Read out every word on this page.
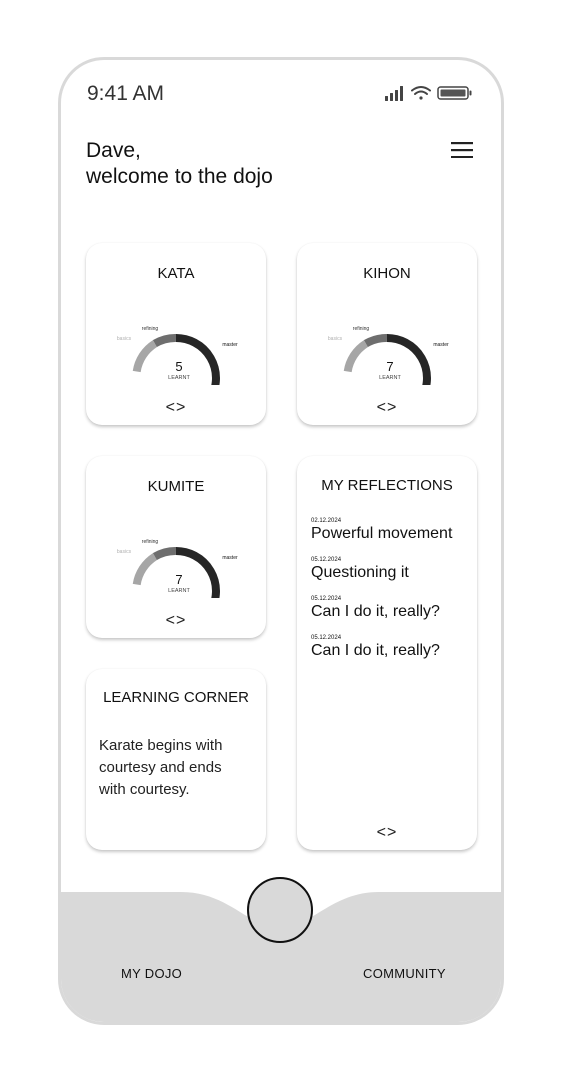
9:41 AM
Dave,
welcome to the dojo
KATA
basics
refining
master
5
LEARNT
<>
KIHON
basics
refining
master
7
LEARNT
<>
KUMITE
basics
refining
master
7
LEARNT
<>
MY REFLECTIONS
02.12.2024
Powerful movement
05.12.2024
Questioning it
05.12.2024
Can I do it, really?
05.12.2024
Can I do it, really?
<>
LEARNING CORNER
Karate begins with courtesy and ends with courtesy.
MY DOJO	COMMUNITY
